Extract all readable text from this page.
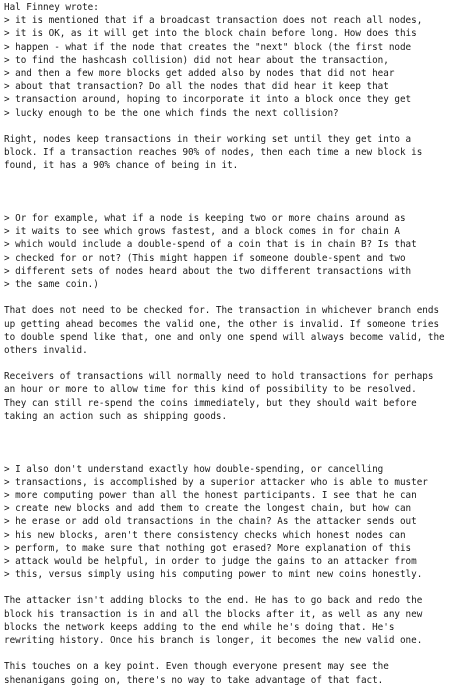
Hal Finney wrote:
> it is mentioned that if a broadcast transaction does not reach all nodes,
> it is OK, as it will get into the block chain before long. How does this
> happen - what if the node that creates the "next" block (the first node
> to find the hashcash collision) did not hear about the transaction,
> and then a few more blocks get added also by nodes that did not hear
> about that transaction? Do all the nodes that did hear it keep that
> transaction around, hoping to incorporate it into a block once they get
> lucky enough to be the one which finds the next collision?
Right, nodes keep transactions in their working set until they get into a
block. If a transaction reaches 90% of nodes, then each time a new block is
found, it has a 90% chance of being in it.
> Or for example, what if a node is keeping two or more chains around as
> it waits to see which grows fastest, and a block comes in for chain A
> which would include a double-spend of a coin that is in chain B? Is that
> checked for or not? (This might happen if someone double-spent and two
> different sets of nodes heard about the two different transactions with
> the same coin.)
That does not need to be checked for. The transaction in whichever branch ends
up getting ahead becomes the valid one, the other is invalid. If someone tries
to double spend like that, one and only one spend will always become valid, the
others invalid.
Receivers of transactions will normally need to hold transactions for perhaps
an hour or more to allow time for this kind of possibility to be resolved.
They can still re-spend the coins immediately, but they should wait before
taking an action such as shipping goods.
> I also don't understand exactly how double-spending, or cancelling
> transactions, is accomplished by a superior attacker who is able to muster
> more computing power than all the honest participants. I see that he can
> create new blocks and add them to create the longest chain, but how can
> he erase or add old transactions in the chain? As the attacker sends out
> his new blocks, aren't there consistency checks which honest nodes can
> perform, to make sure that nothing got erased? More explanation of this
> attack would be helpful, in order to judge the gains to an attacker from
> this, versus simply using his computing power to mint new coins honestly.
The attacker isn't adding blocks to the end. He has to go back and redo the
block his transaction is in and all the blocks after it, as well as any new
blocks the network keeps adding to the end while he's doing that. He's
rewriting history. Once his branch is longer, it becomes the new valid one.
This touches on a key point. Even though everyone present may see the
shenanigans going on, there's no way to take advantage of that fact.
